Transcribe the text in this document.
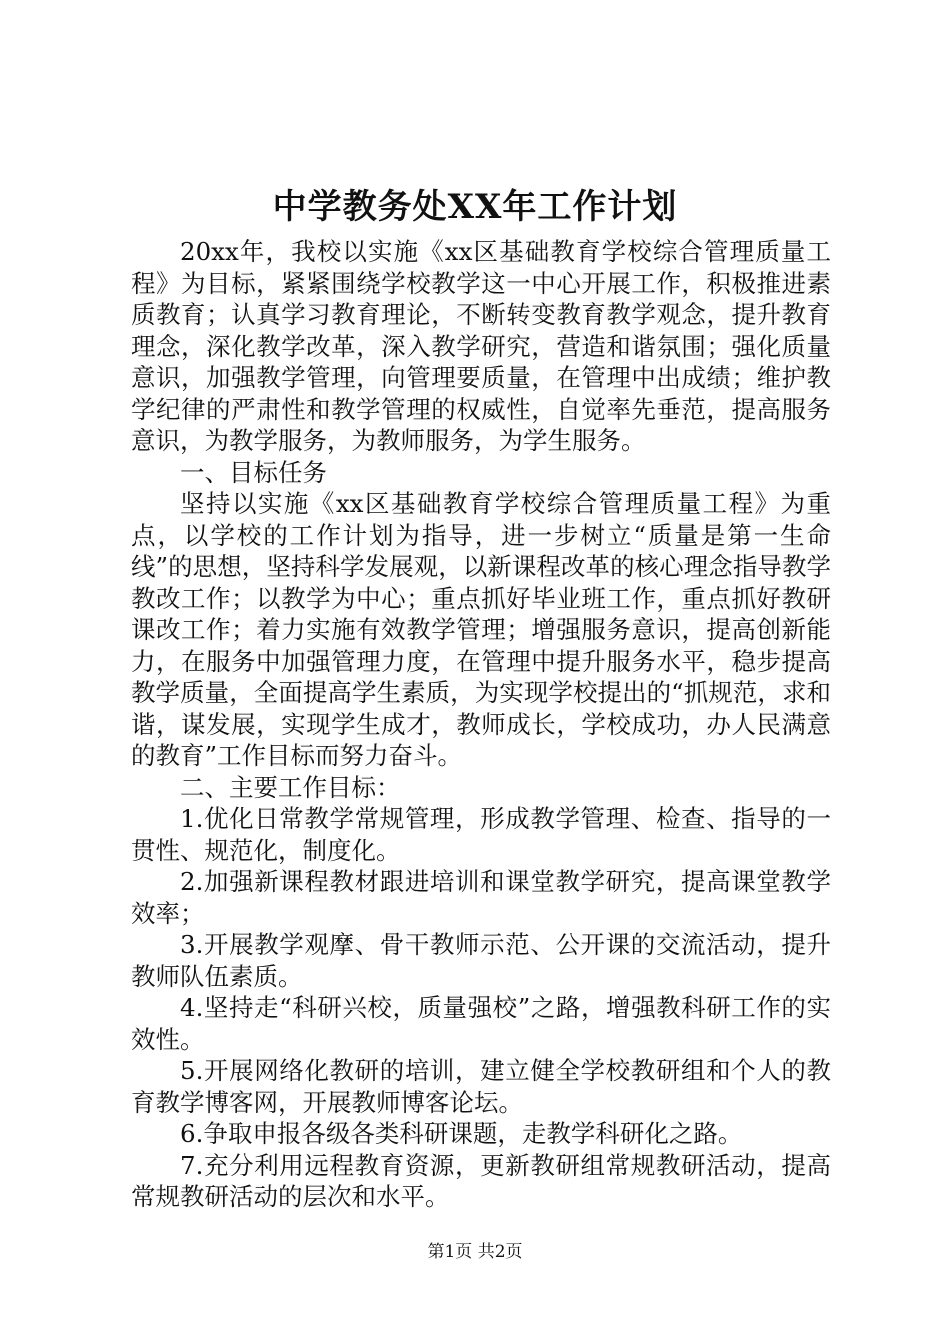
中学教务处XX年工作计划

20xx年，我校以实施《xx区基础教育学校综合管理质量工程》为目标，紧紧围绕学校教学这一中心开展工作，积极推进素质教育；认真学习教育理论，不断转变教育教学观念，提升教育理念，深化教学改革，深入教学研究，营造和谐氛围；强化质量意识，加强教学管理，向管理要质量，在管理中出成绩；维护教学纪律的严肃性和教学管理的权威性，自觉率先垂范，提高服务意识，为教学服务，为教师服务，为学生服务。

一、目标任务

坚持以实施《xx区基础教育学校综合管理质量工程》为重点，以学校的工作计划为指导，进一步树立“质量是第一生命线”的思想，坚持科学发展观，以新课程改革的核心理念指导教学教改工作；以教学为中心；重点抓好毕业班工作，重点抓好教研课改工作；着力实施有效教学管理；增强服务意识，提高创新能力，在服务中加强管理力度，在管理中提升服务水平，稳步提高教学质量，全面提高学生素质，为实现学校提出的“抓规范，求和谐，谋发展，实现学生成才，教师成长，学校成功，办人民满意的教育”工作目标而努力奋斗。

二、主要工作目标：

1.优化日常教学常规管理，形成教学管理、检查、指导的一贯性、规范化，制度化。

2.加强新课程教材跟进培训和课堂教学研究，提高课堂教学效率；

3.开展教学观摩、骨干教师示范、公开课的交流活动，提升教师队伍素质。

4.坚持走“科研兴校，质量强校”之路，增强教科研工作的实效性。

5.开展网络化教研的培训，建立健全学校教研组和个人的教育教学博客网，开展教师博客论坛。

6.争取申报各级各类科研课题，走教学科研化之路。

7.充分利用远程教育资源，更新教研组常规教研活动，提高常规教研活动的层次和水平。

第1页 共2页
